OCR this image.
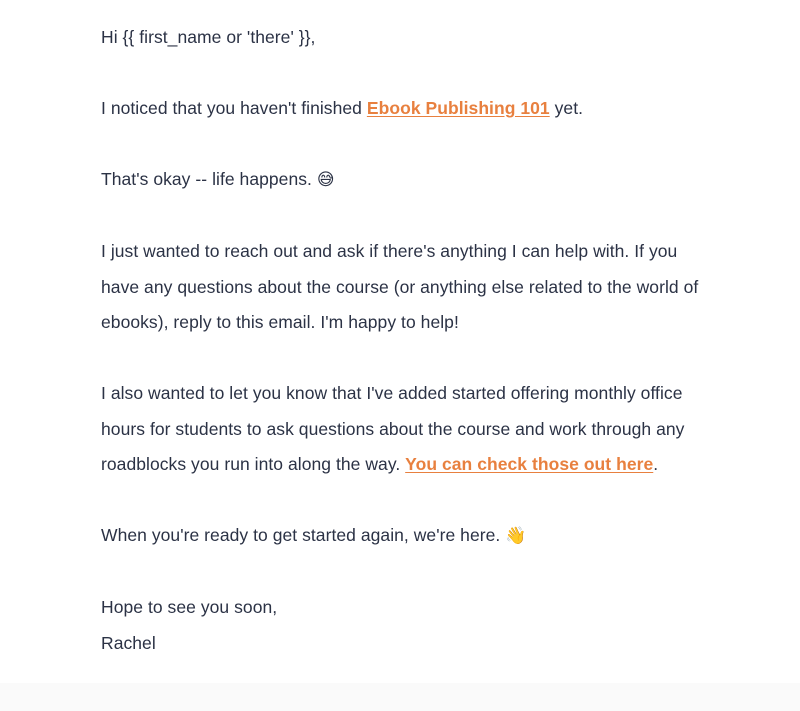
Hi {{ first_name or 'there' }},

I noticed that you haven't finished Ebook Publishing 101 yet.

That's okay -- life happens. 😅

I just wanted to reach out and ask if there's anything I can help with. If you have any questions about the course (or anything else related to the world of ebooks), reply to this email. I'm happy to help!

I also wanted to let you know that I've added started offering monthly office hours for students to ask questions about the course and work through any roadblocks you run into along the way. You can check those out here.

When you're ready to get started again, we're here. 👋

Hope to see you soon,

Rachel
